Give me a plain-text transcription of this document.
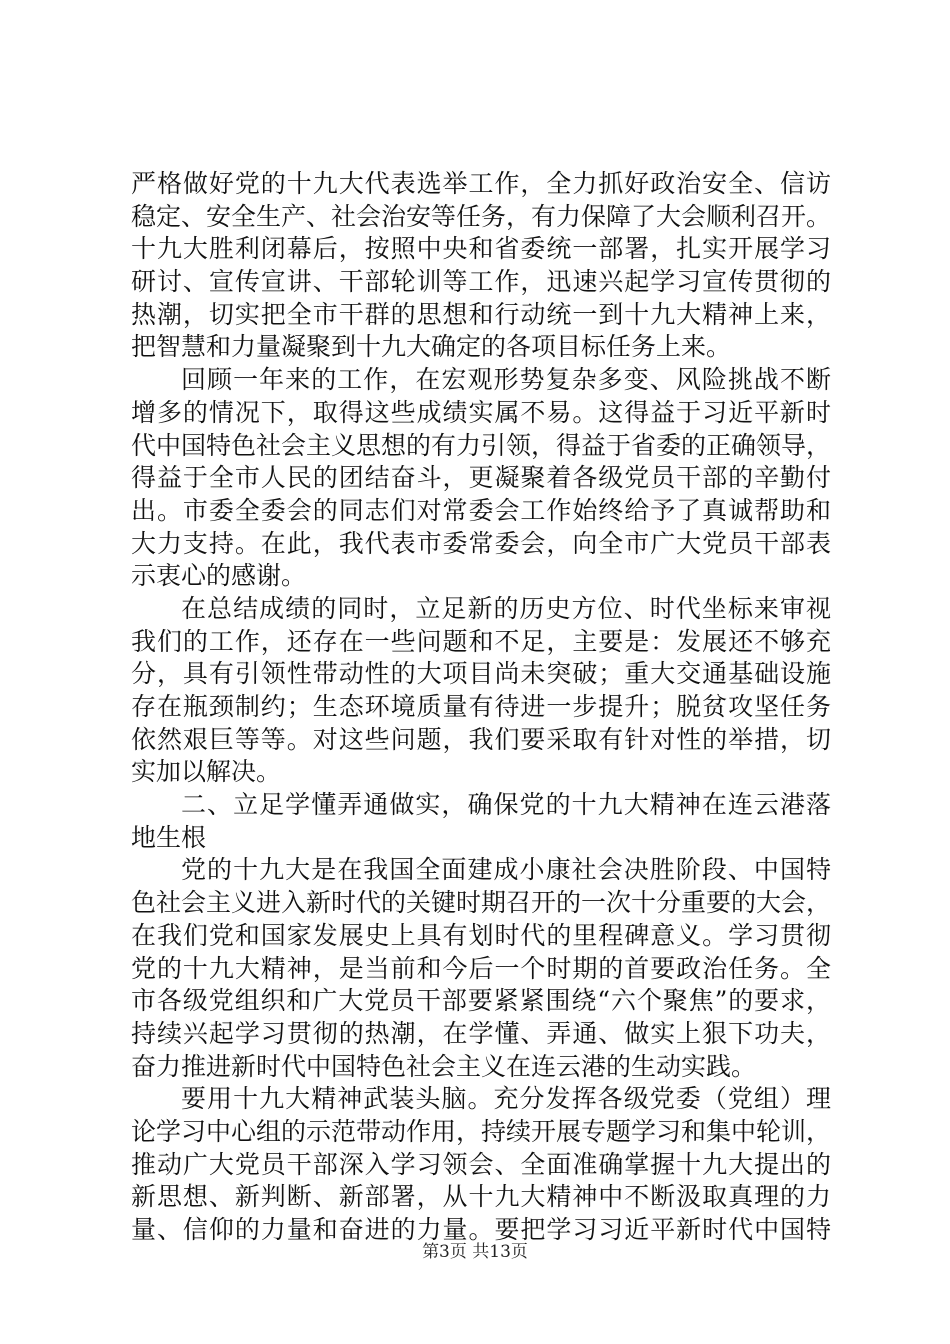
严格做好党的十九大代表选举工作，全力抓好政治安全、信访
稳定、安全生产、社会治安等任务，有力保障了大会顺利召开。
十九大胜利闭幕后，按照中央和省委统一部署，扎实开展学习
研讨、宣传宣讲、干部轮训等工作，迅速兴起学习宣传贯彻的
热潮，切实把全市干群的思想和行动统一到十九大精神上来，
把智慧和力量凝聚到十九大确定的各项目标任务上来。
回顾一年来的工作，在宏观形势复杂多变、风险挑战不断
增多的情况下，取得这些成绩实属不易。这得益于习近平新时
代中国特色社会主义思想的有力引领，得益于省委的正确领导，
得益于全市人民的团结奋斗，更凝聚着各级党员干部的辛勤付
出。市委全委会的同志们对常委会工作始终给予了真诚帮助和
大力支持。在此，我代表市委常委会，向全市广大党员干部表
示衷心的感谢。
在总结成绩的同时，立足新的历史方位、时代坐标来审视
我们的工作，还存在一些问题和不足，主要是：发展还不够充
分，具有引领性带动性的大项目尚未突破；重大交通基础设施
存在瓶颈制约；生态环境质量有待进一步提升；脱贫攻坚任务
依然艰巨等等。对这些问题，我们要采取有针对性的举措，切
实加以解决。
二、立足学懂弄通做实，确保党的十九大精神在连云港落
地生根
党的十九大是在我国全面建成小康社会决胜阶段、中国特
色社会主义进入新时代的关键时期召开的一次十分重要的大会，
在我们党和国家发展史上具有划时代的里程碑意义。学习贯彻
党的十九大精神，是当前和今后一个时期的首要政治任务。全
市各级党组织和广大党员干部要紧紧围绕“六个聚焦”的要求，
持续兴起学习贯彻的热潮，在学懂、弄通、做实上狠下功夫，
奋力推进新时代中国特色社会主义在连云港的生动实践。
要用十九大精神武装头脑。充分发挥各级党委（党组）理
论学习中心组的示范带动作用，持续开展专题学习和集中轮训，
推动广大党员干部深入学习领会、全面准确掌握十九大提出的
新思想、新判断、新部署，从十九大精神中不断汲取真理的力
量、信仰的力量和奋进的力量。要把学习习近平新时代中国特
第3页 共13页
